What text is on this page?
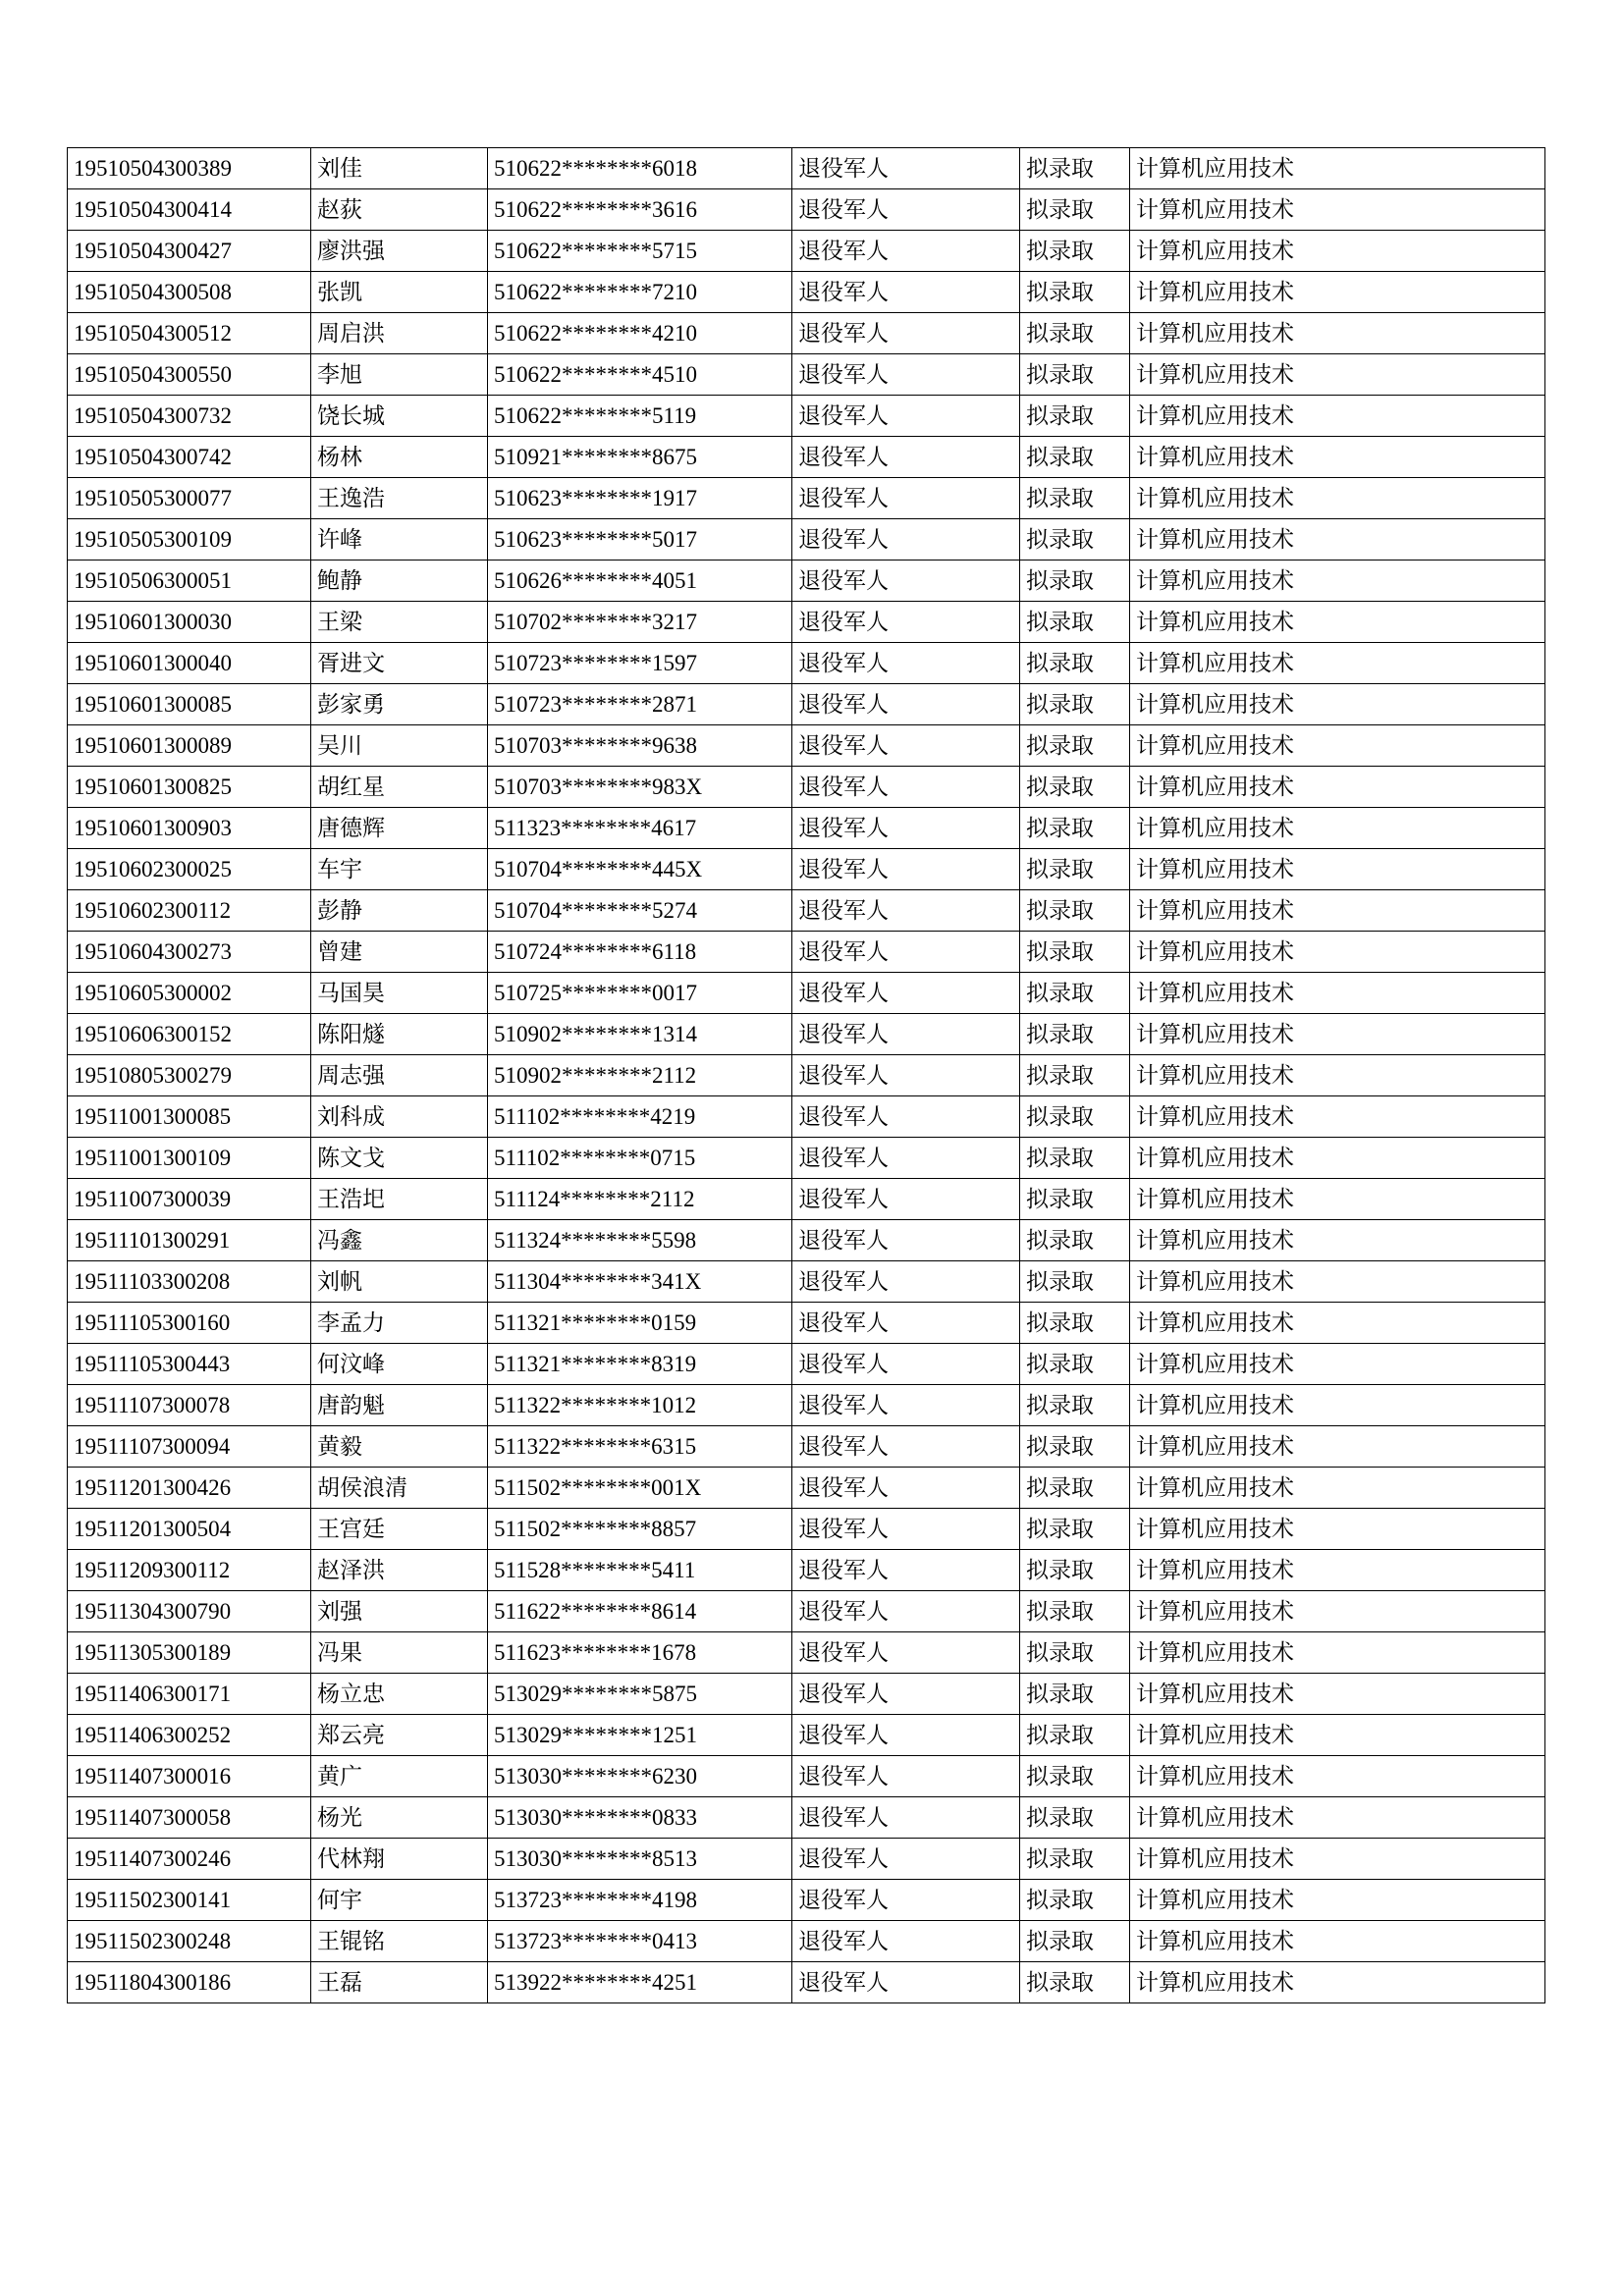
19510504300389	刘佳	510622********6018	退役军人	拟录取	计算机应用技术
19510504300414	赵荻	510622********3616	退役军人	拟录取	计算机应用技术
19510504300427	廖洪强	510622********5715	退役军人	拟录取	计算机应用技术
19510504300508	张凯	510622********7210	退役军人	拟录取	计算机应用技术
19510504300512	周启洪	510622********4210	退役军人	拟录取	计算机应用技术
19510504300550	李旭	510622********4510	退役军人	拟录取	计算机应用技术
19510504300732	饶长城	510622********5119	退役军人	拟录取	计算机应用技术
19510504300742	杨林	510921********8675	退役军人	拟录取	计算机应用技术
19510505300077	王逸浩	510623********1917	退役军人	拟录取	计算机应用技术
19510505300109	许峰	510623********5017	退役军人	拟录取	计算机应用技术
19510506300051	鲍静	510626********4051	退役军人	拟录取	计算机应用技术
19510601300030	王梁	510702********3217	退役军人	拟录取	计算机应用技术
19510601300040	胥进文	510723********1597	退役军人	拟录取	计算机应用技术
19510601300085	彭家勇	510723********2871	退役军人	拟录取	计算机应用技术
19510601300089	吴川	510703********9638	退役军人	拟录取	计算机应用技术
19510601300825	胡红星	510703********983X	退役军人	拟录取	计算机应用技术
19510601300903	唐德辉	511323********4617	退役军人	拟录取	计算机应用技术
19510602300025	车宇	510704********445X	退役军人	拟录取	计算机应用技术
19510602300112	彭静	510704********5274	退役军人	拟录取	计算机应用技术
19510604300273	曾建	510724********6118	退役军人	拟录取	计算机应用技术
19510605300002	马国昊	510725********0017	退役军人	拟录取	计算机应用技术
19510606300152	陈阳燧	510902********1314	退役军人	拟录取	计算机应用技术
19510805300279	周志强	510902********2112	退役军人	拟录取	计算机应用技术
19511001300085	刘科成	511102********4219	退役军人	拟录取	计算机应用技术
19511001300109	陈文戈	511102********0715	退役军人	拟录取	计算机应用技术
19511007300039	王浩圯	511124********2112	退役军人	拟录取	计算机应用技术
19511101300291	冯鑫	511324********5598	退役军人	拟录取	计算机应用技术
19511103300208	刘帆	511304********341X	退役军人	拟录取	计算机应用技术
19511105300160	李孟力	511321********0159	退役军人	拟录取	计算机应用技术
19511105300443	何汶峰	511321********8319	退役军人	拟录取	计算机应用技术
19511107300078	唐韵魁	511322********1012	退役军人	拟录取	计算机应用技术
19511107300094	黄毅	511322********6315	退役军人	拟录取	计算机应用技术
19511201300426	胡侯浪清	511502********001X	退役军人	拟录取	计算机应用技术
19511201300504	王宫廷	511502********8857	退役军人	拟录取	计算机应用技术
19511209300112	赵泽洪	511528********5411	退役军人	拟录取	计算机应用技术
19511304300790	刘强	511622********8614	退役军人	拟录取	计算机应用技术
19511305300189	冯果	511623********1678	退役军人	拟录取	计算机应用技术
19511406300171	杨立忠	513029********5875	退役军人	拟录取	计算机应用技术
19511406300252	郑云亮	513029********1251	退役军人	拟录取	计算机应用技术
19511407300016	黄广	513030********6230	退役军人	拟录取	计算机应用技术
19511407300058	杨光	513030********0833	退役军人	拟录取	计算机应用技术
19511407300246	代林翔	513030********8513	退役军人	拟录取	计算机应用技术
19511502300141	何宇	513723********4198	退役军人	拟录取	计算机应用技术
19511502300248	王锟铭	513723********0413	退役军人	拟录取	计算机应用技术
19511804300186	王磊	513922********4251	退役军人	拟录取	计算机应用技术
